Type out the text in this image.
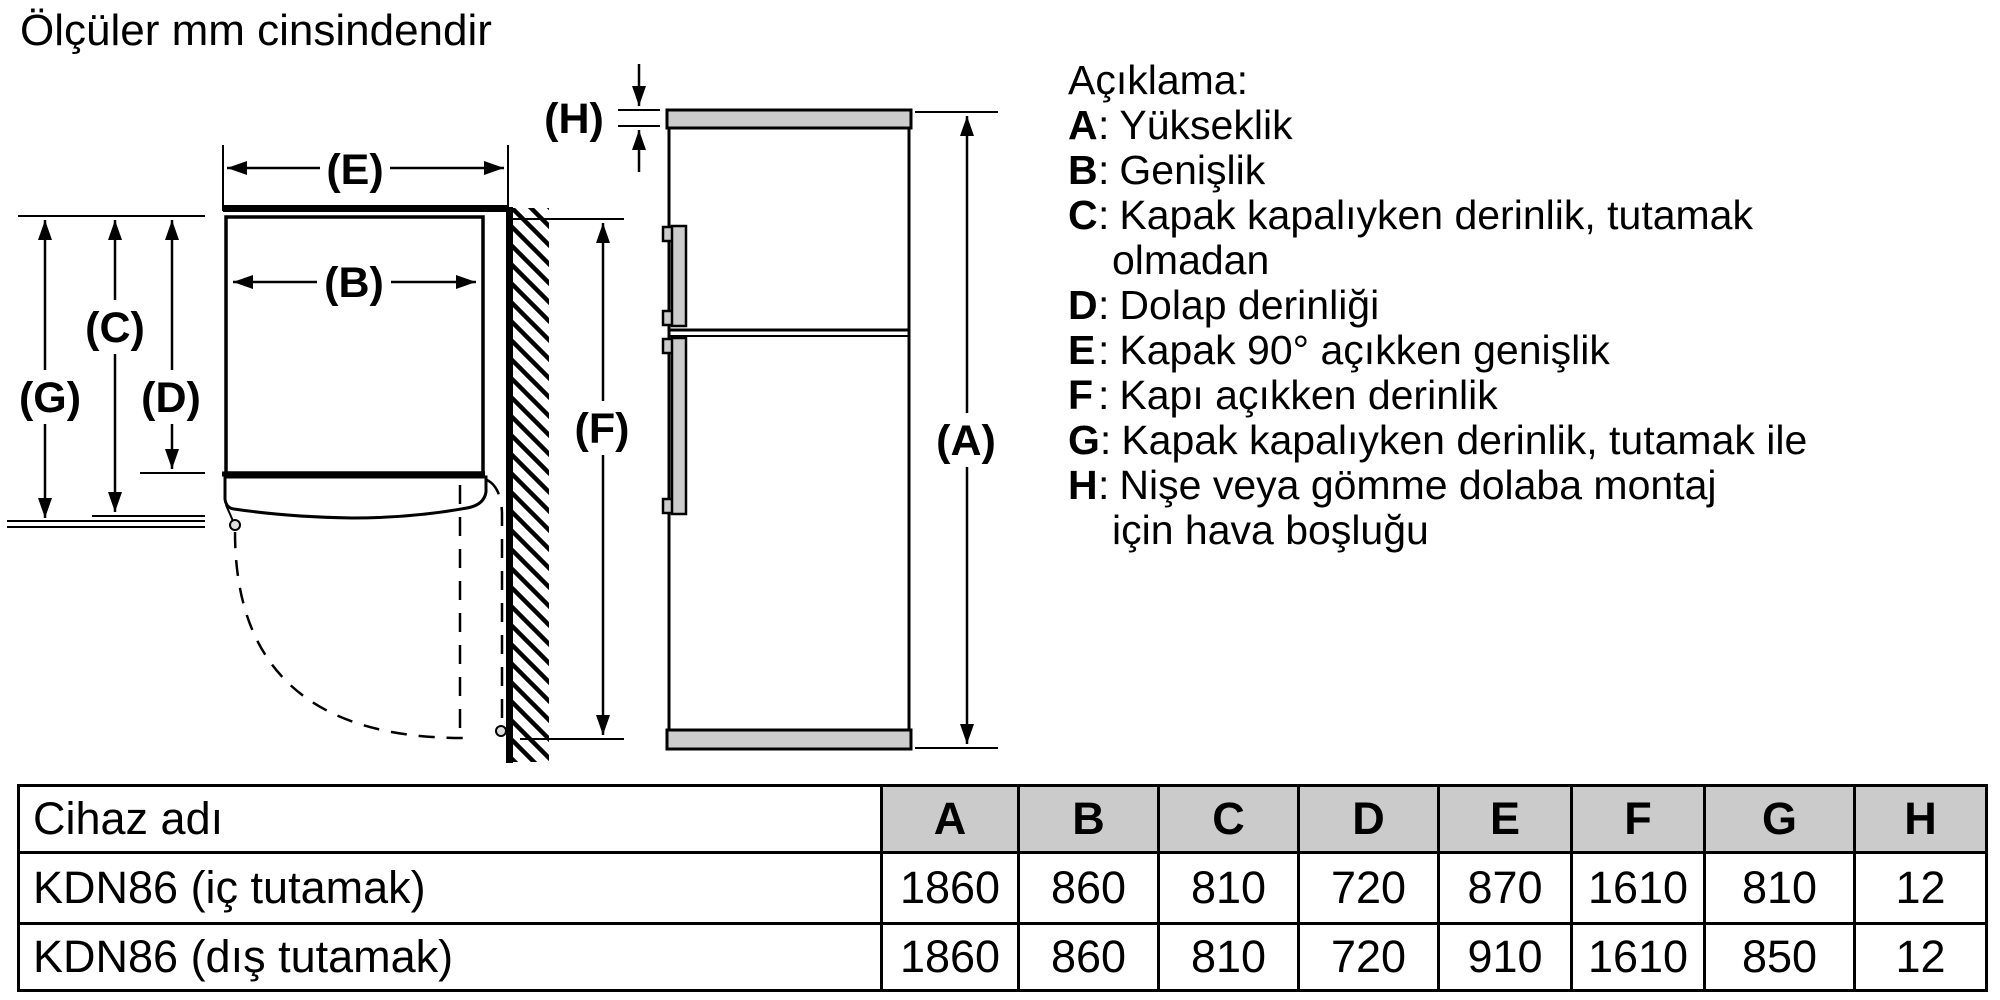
Ölçüler mm cinsindendir
(E)
(B)
(G)
(C)
(D)
(F)
(H)
(A)
Açıklama:
A: Yükseklik
B: Genişlik
C: Kapak kapalıyken derinlik, tutamak
olmadan
D: Dolap derinliği
E: Kapak 90° açıkken genişlik
F : Kapı açıkken derinlik
G: Kapak kapalıyken derinlik, tutamak ile
H: Nişe veya gömme dolaba montaj
için hava boşluğu
Cihaz adı	A	B	C	D	E	F	G	H
KDN86 (iç tutamak)	1860	860	810	720	870	1610	810	12
KDN86 (dış tutamak)	1860	860	810	720	910	1610	850	12
